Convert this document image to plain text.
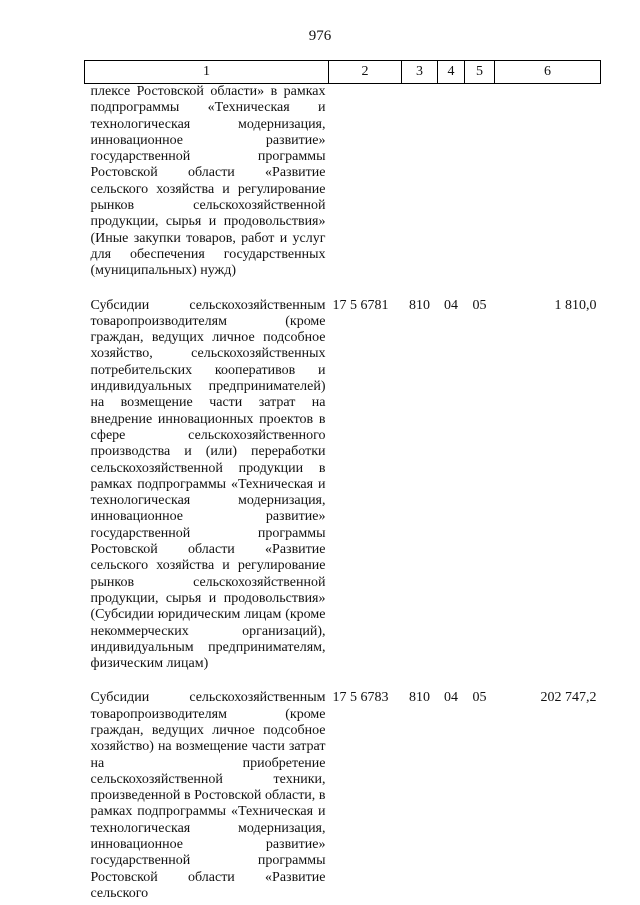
976
1	2	3	4	5	6
плексе Ростовской области» в рамках подпрограммы «Техническая и технологическая модернизация, инновационное развитие» государственной программы Ростовской области «Развитие сельского хозяйства и регулирование рынков сельскохозяйственной продукции, сырья и продовольствия» (Иные закупки товаров, работ и услуг для обеспечения государственных (муниципальных) нужд)					

Субсидии сельскохозяйственным товаропроизводителям (кроме граждан, ведущих личное подсобное хозяйство, сельскохозяйственных потребительских кооперативов и индивидуальных предпринимателей) на возмещение части затрат на внедрение инновационных проектов в сфере сельскохозяйственного производства и (или) переработки сельскохозяйственной продукции в рамках подпрограммы «Техническая и технологическая модернизация, инновационное развитие» государственной программы Ростовской области «Развитие сельского хозяйства и регулирование рынков сельскохозяйственной продукции, сырья и продовольствия» (Субсидии юридическим лицам (кроме некоммерческих организаций), индивидуальным предпринимателям, физическим лицам)	17 5 6781	810	04	05	1 810,0

Субсидии сельскохозяйственным товаропроизводителям (кроме граждан, ведущих личное подсобное хозяйство) на возмещение части затрат на приобретение сельскохозяйственной техники, произведенной в Ростовской области, в рамках подпрограммы «Техническая и технологическая модернизация, инновационное развитие» государственной программы Ростовской области «Развитие сельского	17 5 6783	810	04	05	202 747,2
